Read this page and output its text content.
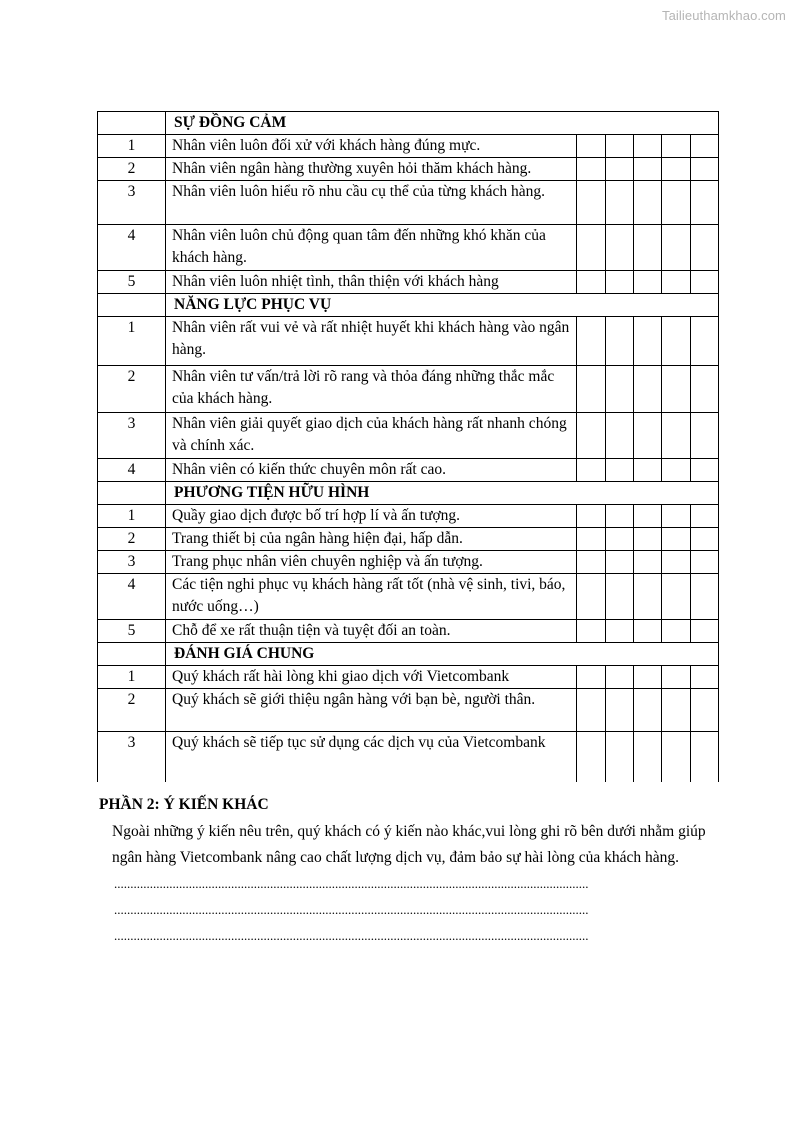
Tailieuthamkhao.com
	SỰ ĐỒNG CẢM					
1	Nhân viên luôn đối xử với khách hàng đúng mực.					
2	Nhân viên ngân hàng thường xuyên hỏi thăm khách hàng.					
3	Nhân viên luôn hiểu rõ nhu cầu cụ thể của từng khách hàng.					
4	Nhân viên luôn chủ động quan tâm đến những khó khăn của khách hàng.					
5	Nhân viên luôn nhiệt tình, thân thiện với khách hàng					
	NĂNG LỰC PHỤC VỤ					
1	Nhân viên rất vui vẻ và rất nhiệt huyết khi khách hàng vào ngân hàng.					
2	Nhân viên tư vấn/trả lời rõ rang và thỏa đáng những thắc mắc của khách hàng.					
3	Nhân viên giải quyết giao dịch của khách hàng rất nhanh chóng và chính xác.					
4	Nhân viên có kiến thức chuyên môn rất cao.					
	PHƯƠNG TIỆN HỮU HÌNH					
1	Quầy giao dịch được bố trí hợp lí và ấn tượng.					
2	Trang thiết bị của ngân hàng hiện đại, hấp dẫn.					
3	Trang phục nhân viên chuyên nghiệp và ấn tượng.					
4	Các tiện nghi phục vụ khách hàng rất tốt (nhà vệ sinh, tivi, báo, nước uống…)					
5	Chỗ để xe rất thuận tiện và tuyệt đối an toàn.					
	ĐÁNH GIÁ CHUNG					
1	Quý khách rất hài lòng khi giao dịch với Vietcombank					
2	Quý khách sẽ giới thiệu ngân hàng với bạn bè, người thân.					
3	Quý khách sẽ tiếp tục sử dụng các dịch vụ của Vietcombank					
PHẦN 2: Ý KIẾN KHÁC
Ngoài những ý kiến nêu trên, quý khách có ý kiến nào khác,vui lòng ghi rõ bên dưới nhằm giúp ngân hàng Vietcombank nâng cao chất lượng dịch vụ, đảm bảo sự hài lòng của khách hàng.
..................................................................................................................................................
..................................................................................................................................................
..................................................................................................................................................
